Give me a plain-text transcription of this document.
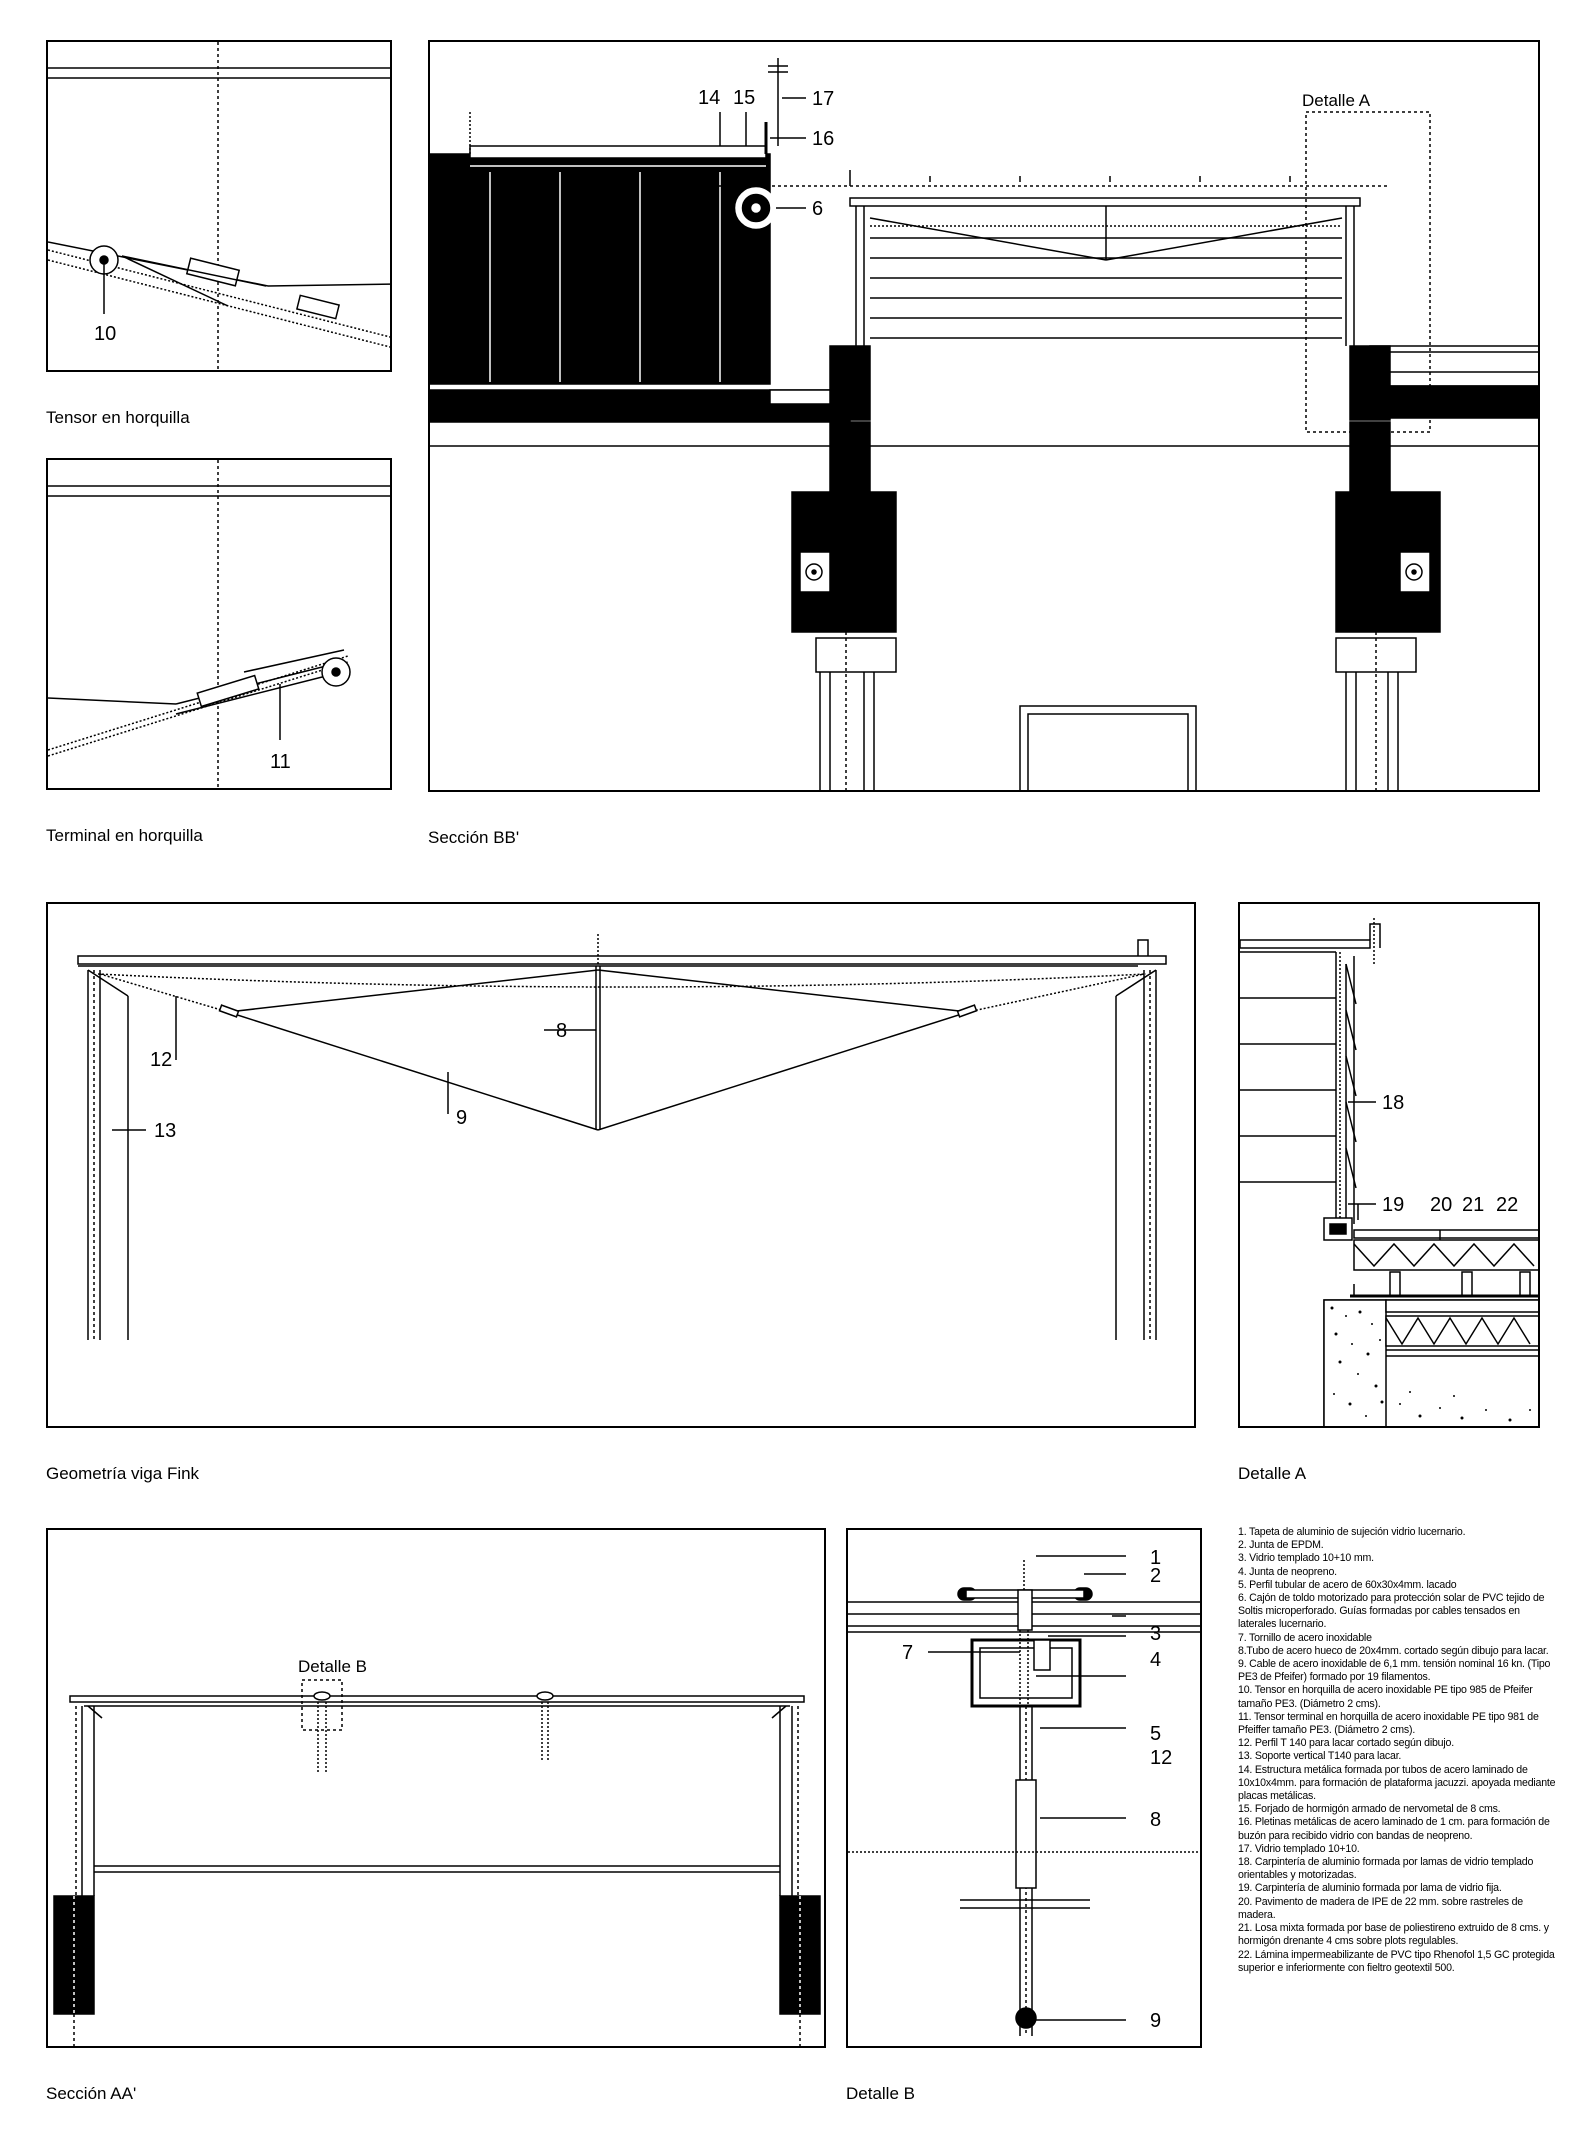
10
Tensor en horquilla
11
Terminal en horquilla
14 15	17
16
6
Detalle A
Sección BB'
8
12
9
13
Geometría viga Fink
18
19 20 21 22
Detalle A
Detalle B
Sección AA'
1
2
7
3
4
5
12
8
9
Detalle B
1. Tapeta de aluminio de sujeción vidrio lucernario.
2. Junta de EPDM.
3. Vidrio templado 10+10 mm.
4. Junta de neopreno.
5. Perfil tubular de acero de 60x30x4mm. lacado
6. Cajón de toldo motorizado para protección solar de PVC tejido de Soltis microperforado. Guías formadas por cables tensados en laterales lucernario.
7. Tornillo de acero inoxidable
8.Tubo de acero hueco de 20x4mm. cortado según dibujo para lacar.
9. Cable de acero inoxidable de 6,1 mm. tensión nominal 16 kn. (Tipo PE3 de Pfeifer) formado por 19 filamentos.
10. Tensor en horquilla de acero inoxidable PE tipo 985 de Pfeifer tamaño PE3. (Diámetro 2 cms).
11. Tensor terminal en horquilla de acero inoxidable PE tipo 981 de Pfeiffer tamaño PE3. (Diámetro 2 cms).
12. Perfil T 140 para lacar cortado según dibujo.
13. Soporte vertical T140 para lacar.
14. Estructura metálica formada por tubos de acero laminado de 10x10x4mm. para formación de plataforma jacuzzi. apoyada mediante placas metálicas.
15. Forjado de hormigón armado de nervometal de 8 cms.
16. Pletinas metálicas de acero laminado de 1 cm. para formación de buzón para recibido vidrio con bandas de neopreno.
17. Vidrio templado 10+10.
18. Carpintería de aluminio formada por lamas de vidrio templado orientables y motorizadas.
19. Carpintería de aluminio formada por lama de vidrio fija.
20. Pavimento de madera de IPE de 22 mm. sobre rastreles de madera.
21. Losa mixta formada por base de poliestireno extruido de 8 cms. y hormigón drenante 4 cms sobre plots regulables.
22. Lámina impermeabilizante de PVC tipo Rhenofol 1,5 GC protegida superior e inferiormente con fieltro geotextil 500.
